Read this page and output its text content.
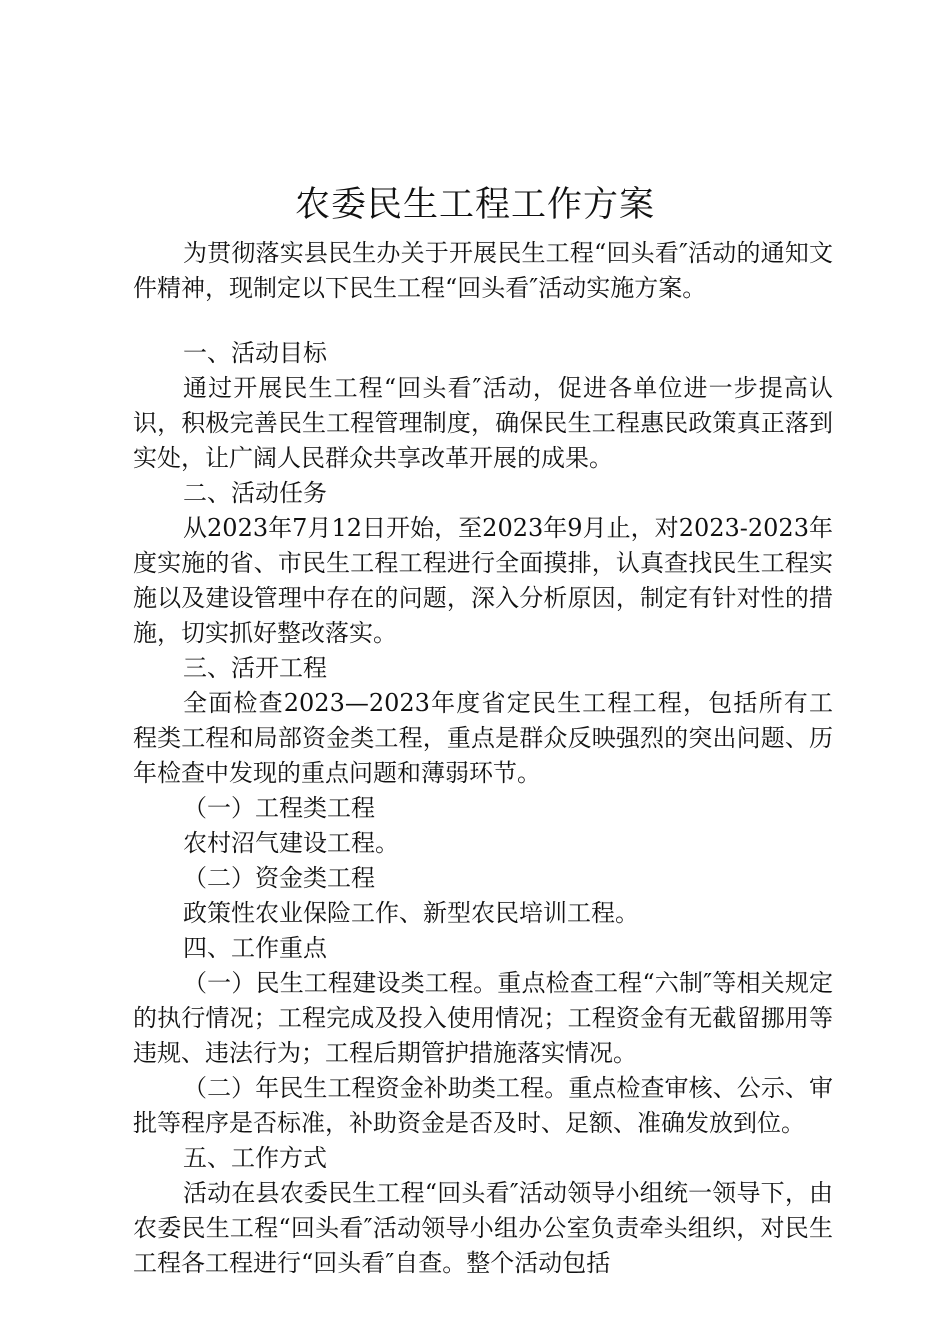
农委民生工程工作方案

为贯彻落实县民生办关于开展民生工程“回头看″活动的通知文件精神，现制定以下民生工程“回头看″活动实施方案。

一、活动目标

通过开展民生工程“回头看″活动，促进各单位进一步提高认识，积极完善民生工程管理制度，确保民生工程惠民政策真正落到实处，让广阔人民群众共享改革开展的成果。

二、活动任务

从2023年7月12日开始，至2023年9月止，对2023-2023年度实施的省、市民生工程工程进行全面摸排，认真查找民生工程实施以及建设管理中存在的问题，深入分析原因，制定有针对性的措施，切实抓好整改落实。

三、活开工程

全面检查2023—2023年度省定民生工程工程，包括所有工程类工程和局部资金类工程，重点是群众反映强烈的突出问题、历年检查中发现的重点问题和薄弱环节。

（一）工程类工程

农村沼气建设工程。

（二）资金类工程

政策性农业保险工作、新型农民培训工程。

四、工作重点

（一）民生工程建设类工程。重点检查工程“六制″等相关规定的执行情况；工程完成及投入使用情况；工程资金有无截留挪用等违规、违法行为；工程后期管护措施落实情况。

（二）年民生工程资金补助类工程。重点检查审核、公示、审批等程序是否标准，补助资金是否及时、足额、准确发放到位。

五、工作方式

活动在县农委民生工程“回头看″活动领导小组统一领导下，由农委民生工程“回头看″活动领导小组办公室负责牵头组织，对民生工程各工程进行“回头看″自查。整个活动包括
